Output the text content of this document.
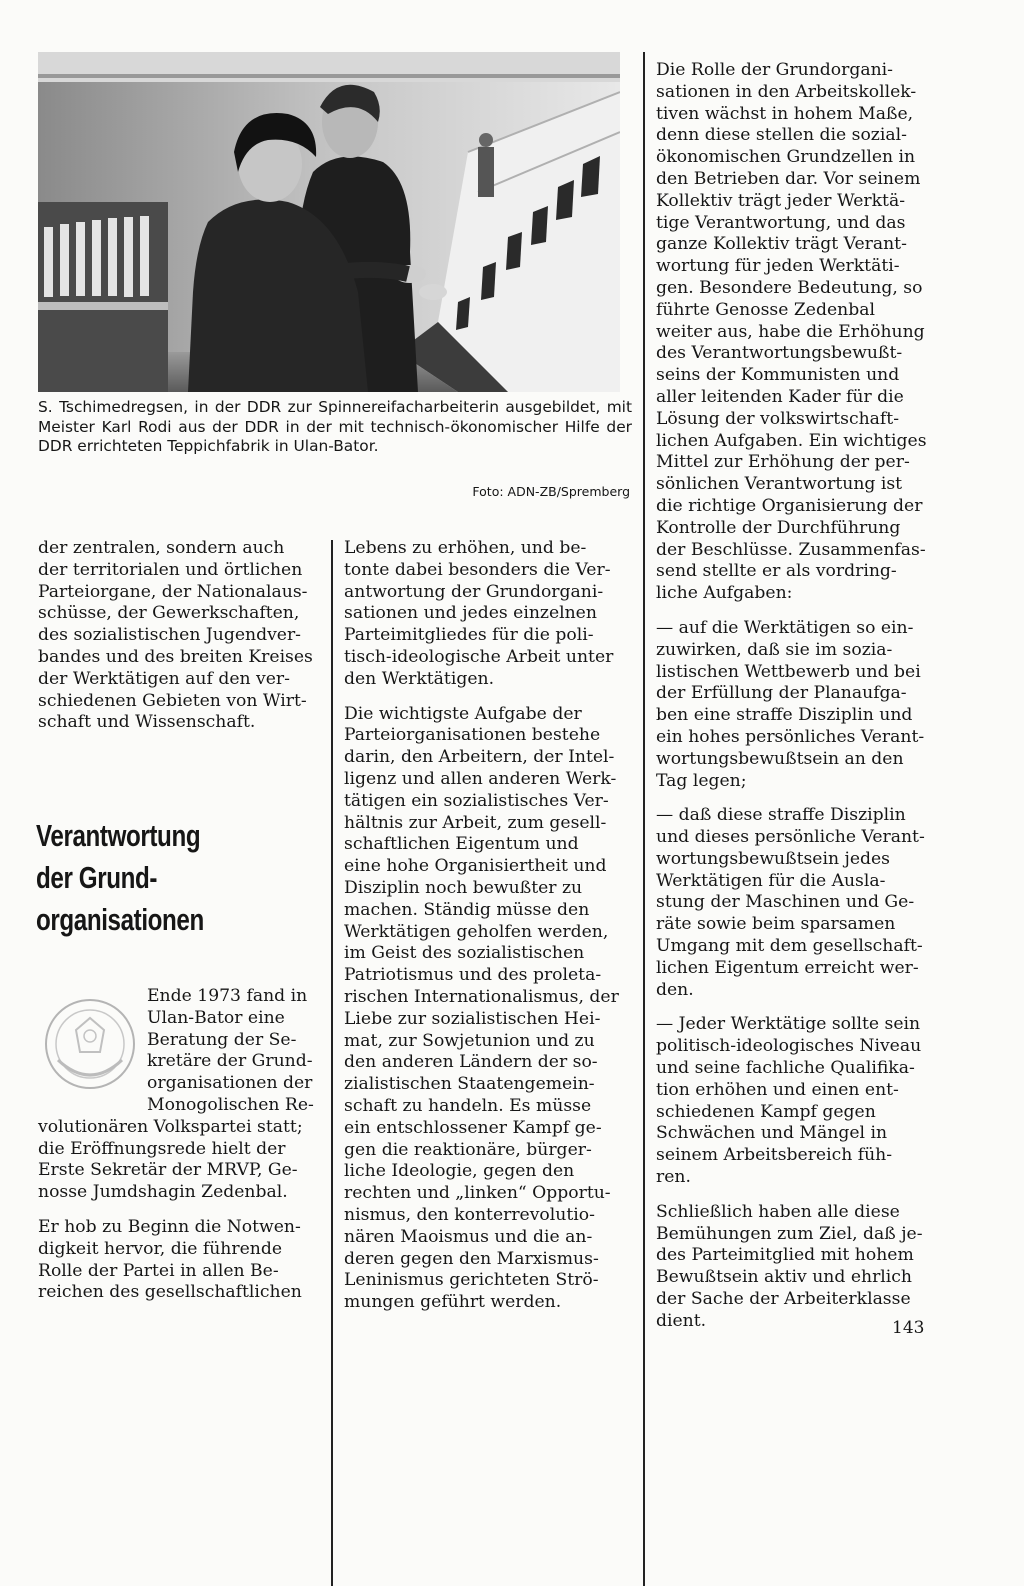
S. Tschimedregsen, in der DDR zur Spinnereifacharbeiterin ausgebildet, mit Meister Karl Rodi aus der DDR in der mit technisch-ökonomischer Hilfe der DDR errichteten Teppichfabrik in Ulan-Bator.
Foto: ADN-ZB/Spremberg

der zentralen, sondern auch
der territorialen und örtlichen
Parteiorgane, der Nationalaus-
schüsse, der Gewerkschaften,
des sozialistischen Jugendver-
bandes und des breiten Kreises
der Werktätigen auf den ver-
schiedenen Gebieten von Wirt-
schaft und Wissenschaft.

Verantwortung
der Grund-
organisationen

Ende 1973 fand in
Ulan-Bator eine
Beratung der Se-
kretäre der Grund-
organisationen der
Monogolischen Re-
volutionären Volkspartei statt;
die Eröffnungsrede hielt der
Erste Sekretär der MRVP, Ge-
nosse Jumdshagin Zedenbal.

Er hob zu Beginn die Notwen-
digkeit hervor, die führende
Rolle der Partei in allen Be-
reichen des gesellschaftlichen

Lebens zu erhöhen, und be-
tonte dabei besonders die Ver-
antwortung der Grundorgani-
sationen und jedes einzelnen
Parteimitgliedes für die poli-
tisch-ideologische Arbeit unter
den Werktätigen.

Die wichtigste Aufgabe der
Parteiorganisationen bestehe
darin, den Arbeitern, der Intel-
ligenz und allen anderen Werk-
tätigen ein sozialistisches Ver-
hältnis zur Arbeit, zum gesell-
schaftlichen Eigentum und
eine hohe Organisiertheit und
Disziplin noch bewußter zu
machen. Ständig müsse den
Werktätigen geholfen werden,
im Geist des sozialistischen
Patriotismus und des proleta-
rischen Internationalismus, der
Liebe zur sozialistischen Hei-
mat, zur Sowjetunion und zu
den anderen Ländern der so-
zialistischen Staatengemein-
schaft zu handeln. Es müsse
ein entschlossener Kampf ge-
gen die reaktionäre, bürger-
liche Ideologie, gegen den
rechten und „linken“ Opportu-
nismus, den konterrevolutio-
nären Maoismus und die an-
deren gegen den Marxismus-
Leninismus gerichteten Strö-
mungen geführt werden.

Die Rolle der Grundorgani-
sationen in den Arbeitskollek-
tiven wächst in hohem Maße,
denn diese stellen die sozial-
ökonomischen Grundzellen in
den Betrieben dar. Vor seinem
Kollektiv trägt jeder Werktä-
tige Verantwortung, und das
ganze Kollektiv trägt Verant-
wortung für jeden Werktäti-
gen. Besondere Bedeutung, so
führte Genosse Zedenbal
weiter aus, habe die Erhöhung
des Verantwortungsbewußt-
seins der Kommunisten und
aller leitenden Kader für die
Lösung der volkswirtschaft-
lichen Aufgaben. Ein wichtiges
Mittel zur Erhöhung der per-
sönlichen Verantwortung ist
die richtige Organisierung der
Kontrolle der Durchführung
der Beschlüsse. Zusammenfas-
send stellte er als vordring-
liche Aufgaben:

— auf die Werktätigen so ein-
zuwirken, daß sie im sozia-
listischen Wettbewerb und bei
der Erfüllung der Planaufga-
ben eine straffe Disziplin und
ein hohes persönliches Verant-
wortungsbewußtsein an den
Tag legen;

— daß diese straffe Disziplin
und dieses persönliche Verant-
wortungsbewußtsein jedes
Werktätigen für die Ausla-
stung der Maschinen und Ge-
räte sowie beim sparsamen
Umgang mit dem gesellschaft-
lichen Eigentum erreicht wer-
den.

— Jeder Werktätige sollte sein
politisch-ideologisches Niveau
und seine fachliche Qualifika-
tion erhöhen und einen ent-
schiedenen Kampf gegen
Schwächen und Mängel in
seinem Arbeitsbereich füh-
ren.

Schließlich haben alle diese
Bemühungen zum Ziel, daß je-
des Parteimitglied mit hohem
Bewußtsein aktiv und ehrlich
der Sache der Arbeiterklasse
dient.	143
